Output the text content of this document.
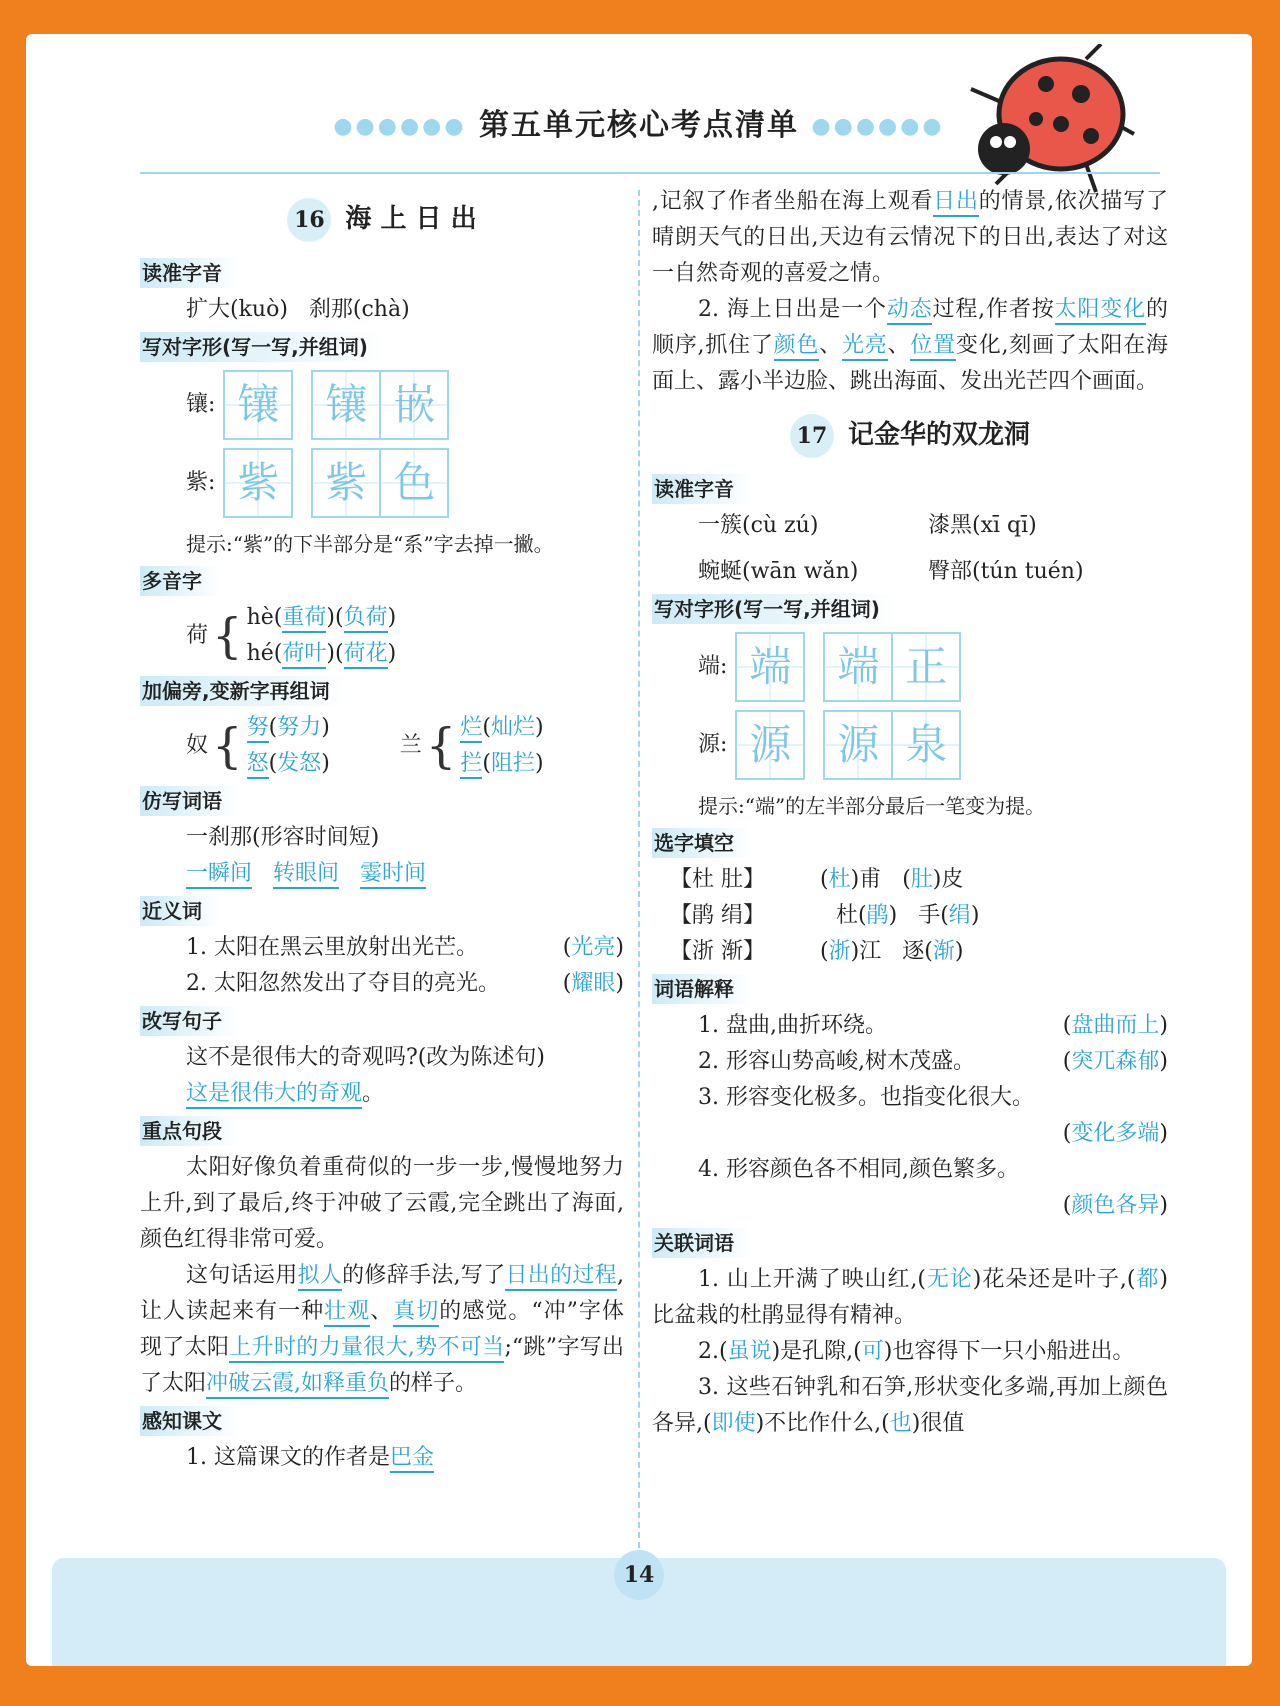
●●●●●● 第五单元核心考点清单 ●●●●●●
16 海 上 日 出
读准字音
扩大(kuò) 刹那(chà)
写对字形(写一写,并组词)
镶: 镶	镶 嵌
紫: 紫	紫 色
提示:“紫”的下半部分是“系”字去掉一撇。
多音字
荷 { hè(重荷)(负荷)
hé(荷叶)(荷花)
加偏旁,变新字再组词
奴 { 努(努力)
怒(发怒)
兰 { 烂(灿烂)
拦(阻拦)
仿写词语
一刹那(形容时间短)
一瞬间 转眼间 霎时间
近义词
1. 太阳在黑云里放射出光芒。	(光亮)
2. 太阳忽然发出了夺目的亮光。	(耀眼)
改写句子
这不是很伟大的奇观吗?(改为陈述句)
这是很伟大的奇观。
重点句段
太阳好像负着重荷似的一步一步,慢慢地努力上升,到了最后,终于冲破了云霞,完全跳出了海面,颜色红得非常可爱。
这句话运用拟人的修辞手法,写了日出的过程,让人读起来有一种壮观、真切的感觉。“冲”字体现了太阳上升时的力量很大,势不可当;“跳”字写出了太阳冲破云霞,如释重负的样子。
感知课文
1. 这篇课文的作者是巴金
,记叙了作者坐船在海上观看日出的情景,依次描写了晴朗天气的日出,天边有云情况下的日出,表达了对这一自然奇观的喜爱之情。
2. 海上日出是一个动态过程,作者按太阳变化的顺序,抓住了颜色、光亮、位置变化,刻画了太阳在海面上、露小半边脸、跳出海面、发出光芒四个画面。
17 记金华的双龙洞
读准字音
一簇(cù zú)	漆黑(xī qī)
蜿蜒(wān wǎn)	臀部(tún tuén)
写对字形(写一写,并组词)
端: 端	端 正
源: 源	源 泉
提示:“端”的左半部分最后一笔变为提。
选字填空
【杜 肚】	(杜)甫   (肚)皮
【鹃 绢】	杜(鹃)   手(绢)
【浙 渐】	(浙)江 逐(渐)
词语解释
1. 盘曲,曲折环绕。	(盘曲而上)
2. 形容山势高峻,树木茂盛。	(突兀森郁)
3. 形容变化极多。也指变化很大。
(变化多端)
4. 形容颜色各不相同,颜色繁多。
(颜色各异)
关联词语
1. 山上开满了映山红,(无论)花朵还是叶子,(都)比盆栽的杜鹃显得有精神。
2.(虽说)是孔隙,(可)也容得下一只小船进出。
3. 这些石钟乳和石笋,形状变化多端,再加上颜色各异,(即使)不比作什么,(也)很值
14
